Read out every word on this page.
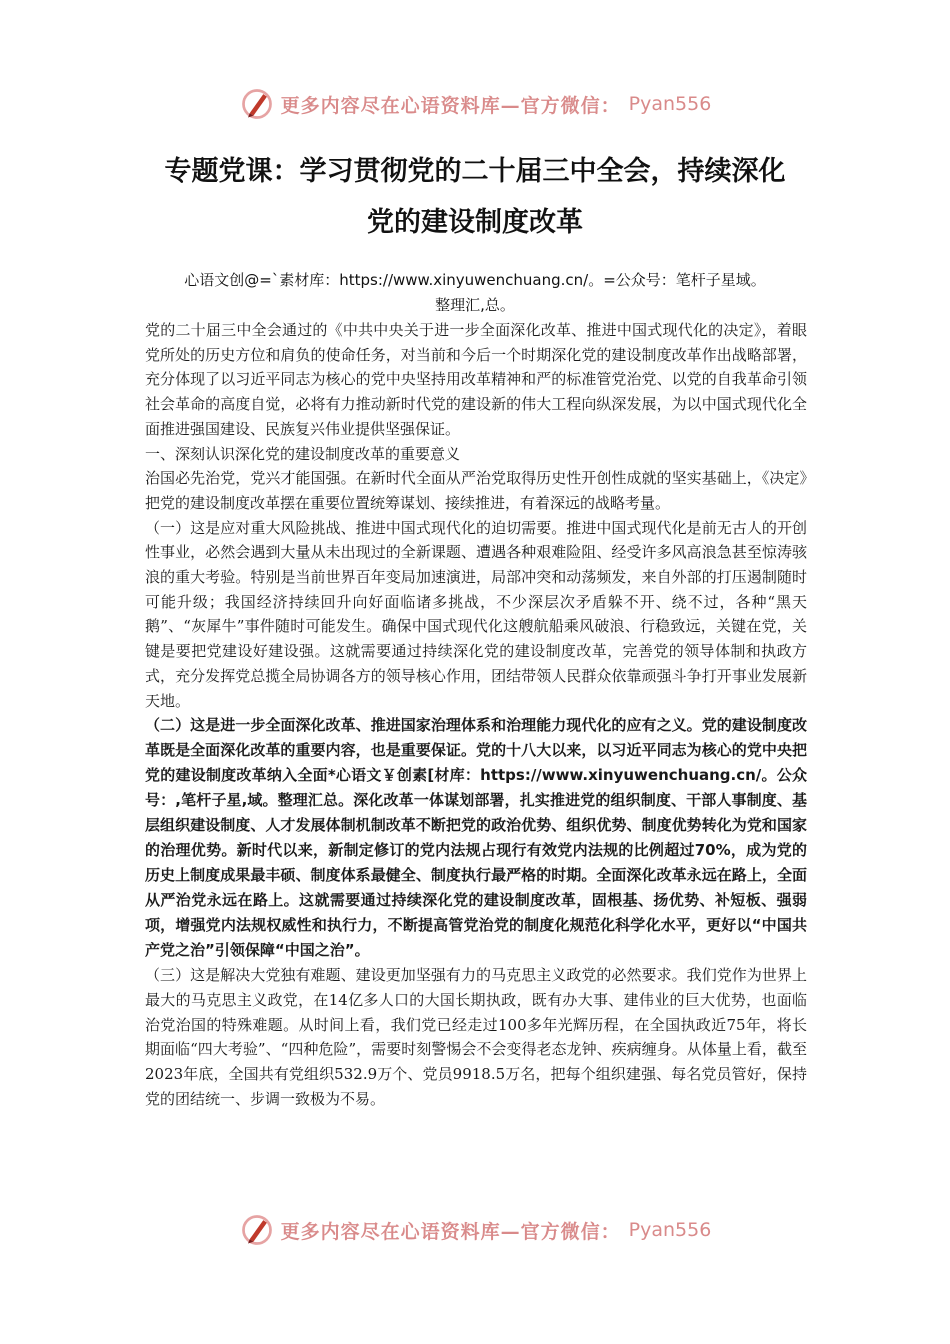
更多内容尽在心语资料库—官方微信： Pyan556
专题党课：学习贯彻党的二十届三中全会，持续深化
党的建设制度改革
心语文创@=`素材库：https://www.xinyuwenchuang.cn/。=公众号：笔杆子星域。
整理汇,总。

党的二十届三中全会通过的《中共中央关于进一步全面深化改革、推进中国式现代化的决定》，着眼党所处的历史方位和肩负的使命任务，对当前和今后一个时期深化党的建设制度改革作出战略部署，充分体现了以习近平同志为核心的党中央坚持用改革精神和严的标准管党治党、以党的自我革命引领社会革命的高度自觉，必将有力推动新时代党的建设新的伟大工程向纵深发展，为以中国式现代化全面推进强国建设、民族复兴伟业提供坚强保证。

一、深刻认识深化党的建设制度改革的重要意义

治国必先治党，党兴才能国强。在新时代全面从严治党取得历史性开创性成就的坚实基础上，《决定》把党的建设制度改革摆在重要位置统筹谋划、接续推进，有着深远的战略考量。

（一）这是应对重大风险挑战、推进中国式现代化的迫切需要。推进中国式现代化是前无古人的开创性事业，必然会遇到大量从未出现过的全新课题、遭遇各种艰难险阻、经受许多风高浪急甚至惊涛骇浪的重大考验。特别是当前世界百年变局加速演进，局部冲突和动荡频发，来自外部的打压遏制随时可能升级；我国经济持续回升向好面临诸多挑战，不少深层次矛盾躲不开、绕不过，各种“黑天鹅”、“灰犀牛”事件随时可能发生。确保中国式现代化这艘航船乘风破浪、行稳致远，关键在党，关键是要把党建设好建设强。这就需要通过持续深化党的建设制度改革，完善党的领导体制和执政方式，充分发挥党总揽全局协调各方的领导核心作用，团结带领人民群众依靠顽强斗争打开事业发展新天地。

（二）这是进一步全面深化改革、推进国家治理体系和治理能力现代化的应有之义。党的建设制度改革既是全面深化改革的重要内容，也是重要保证。党的十八大以来，以习近平同志为核心的党中央把党的建设制度改革纳入全面*心语文￥创素[材库：https://www.xinyuwenchuang.cn/。公众号：,笔杆子星,域。整理汇总。深化改革一体谋划部署，扎实推进党的组织制度、干部人事制度、基层组织建设制度、人才发展体制机制改革不断把党的政治优势、组织优势、制度优势转化为党和国家的治理优势。新时代以来，新制定修订的党内法规占现行有效党内法规的比例超过70%，成为党的历史上制度成果最丰硕、制度体系最健全、制度执行最严格的时期。全面深化改革永远在路上，全面从严治党永远在路上。这就需要通过持续深化党的建设制度改革，固根基、扬优势、补短板、强弱项，增强党内法规权威性和执行力，不断提高管党治党的制度化规范化科学化水平，更好以“中国共产党之治”引领保障“中国之治”。

（三）这是解决大党独有难题、建设更加坚强有力的马克思主义政党的必然要求。我们党作为世界上最大的马克思主义政党，在14亿多人口的大国长期执政，既有办大事、建伟业的巨大优势，也面临治党治国的特殊难题。从时间上看，我们党已经走过100多年光辉历程，在全国执政近75年，将长期面临“四大考验”、“四种危险”，需要时刻警惕会不会变得老态龙钟、疾病缠身。从体量上看，截至2023年底，全国共有党组织532.9万个、党员9918.5万名，把每个组织建强、每名党员管好，保持党的团结统一、步调一致极为不易。

更多内容尽在心语资料库—官方微信： Pyan556
